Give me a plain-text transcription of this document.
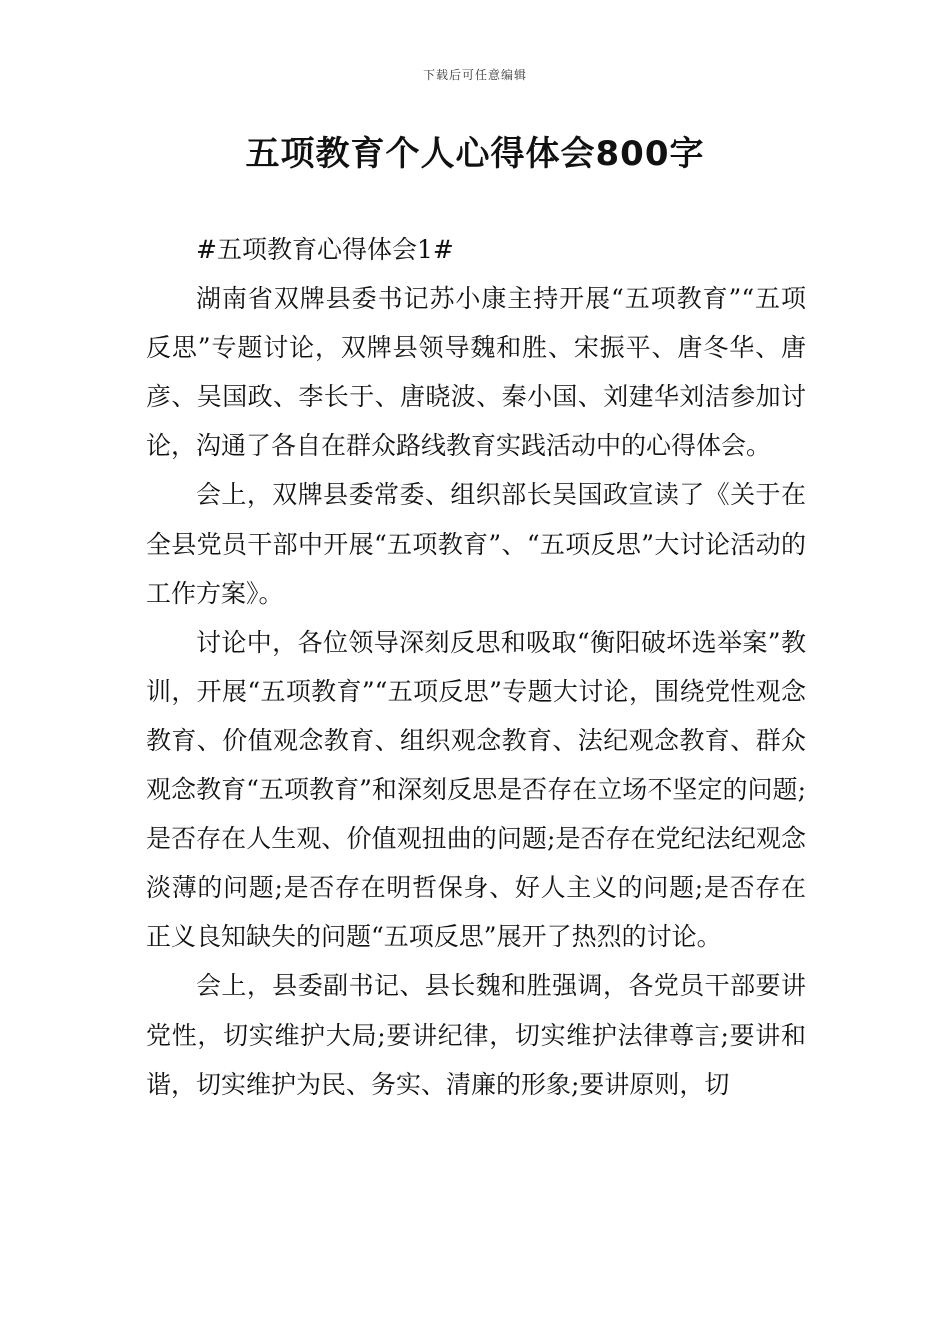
下载后可任意编辑
五项教育个人心得体会800字

#五项教育心得体会1#

湖南省双牌县委书记苏小康主持开展“五项教育”“五项反思”专题讨论，双牌县领导魏和胜、宋振平、唐冬华、唐彦、吴国政、李长于、唐晓波、秦小国、刘建华刘洁参加讨论，沟通了各自在群众路线教育实践活动中的心得体会。

会上，双牌县委常委、组织部长吴国政宣读了《关于在全县党员干部中开展“五项教育”、“五项反思”大讨论活动的工作方案》。

讨论中，各位领导深刻反思和吸取“衡阳破坏选举案”教训，开展“五项教育”“五项反思”专题大讨论，围绕党性观念教育、价值观念教育、组织观念教育、法纪观念教育、群众观念教育“五项教育”和深刻反思是否存在立场不坚定的问题;是否存在人生观、价值观扭曲的问题;是否存在党纪法纪观念淡薄的问题;是否存在明哲保身、好人主义的问题;是否存在正义良知缺失的问题“五项反思”展开了热烈的讨论。

会上，县委副书记、县长魏和胜强调，各党员干部要讲党性，切实维护大局;要讲纪律，切实维护法律尊言;要讲和谐，切实维护为民、务实、清廉的形象;要讲原则，切
